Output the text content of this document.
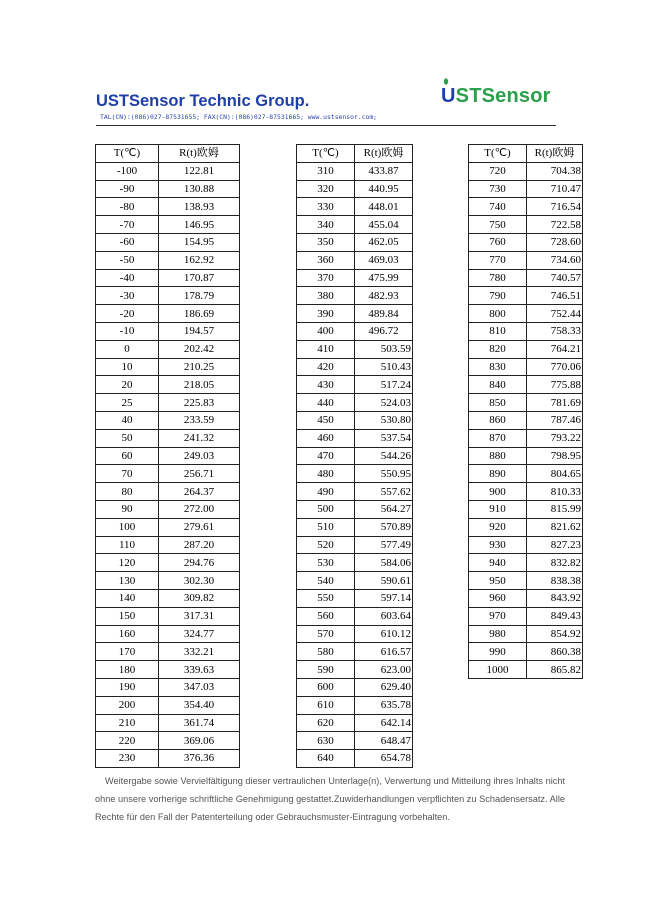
USTSensor Technic Group.
TAL(CN):(086)027-87531655; FAX(CN):(086)027-87531665; www.ustsensor.com;
USTSensor
T(℃)	R(t)欧姆
-100	122.81
-90	130.88
-80	138.93
-70	146.95
-60	154.95
-50	162.92
-40	170.87
-30	178.79
-20	186.69
-10	194.57
0	202.42
10	210.25
20	218.05
25	225.83
40	233.59
50	241.32
60	249.03
70	256.71
80	264.37
90	272.00
100	279.61
110	287.20
120	294.76
130	302.30
140	309.82
150	317.31
160	324.77
170	332.21
180	339.63
190	347.03
200	354.40
210	361.74
220	369.06
230	376.36
T(℃)	R(t)欧姆
310	433.87
320	440.95
330	448.01
340	455.04
350	462.05
360	469.03
370	475.99
380	482.93
390	489.84
400	496.72
410	503.59
420	510.43
430	517.24
440	524.03
450	530.80
460	537.54
470	544.26
480	550.95
490	557.62
500	564.27
510	570.89
520	577.49
530	584.06
540	590.61
550	597.14
560	603.64
570	610.12
580	616.57
590	623.00
600	629.40
610	635.78
620	642.14
630	648.47
640	654.78
T(℃)	R(t)欧姆
720	704.38
730	710.47
740	716.54
750	722.58
760	728.60
770	734.60
780	740.57
790	746.51
800	752.44
810	758.33
820	764.21
830	770.06
840	775.88
850	781.69
860	787.46
870	793.22
880	798.95
890	804.65
900	810.33
910	815.99
920	821.62
930	827.23
940	832.82
950	838.38
960	843.92
970	849.43
980	854.92
990	860.38
1000	865.82

Weitergabe sowie Vervielfältigung dieser vertraulichen Unterlage(n), Verwertung und Mitteilung ihres Inhalts nicht ohne unsere vorherige schriftliche Genehmigung gestattet.Zuwiderhandlungen verpflichten zu Schadensersatz. Alle Rechte für den Fall der Patenterteilung oder Gebrauchsmuster-Eintragung vorbehalten.
